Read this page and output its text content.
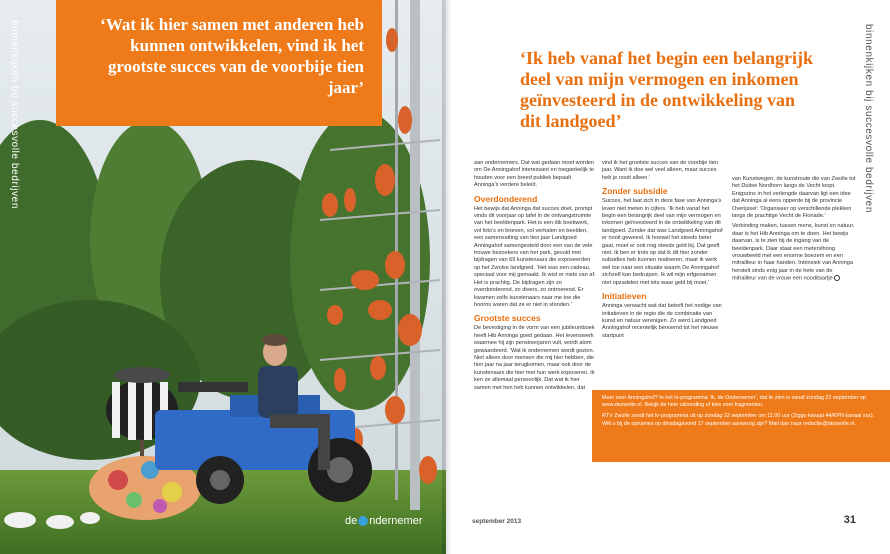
binnenkijken bij succesvolle bedrijven	‘Wat ik hier samen met anderen heb kunnen ontwikkelen, vind ik het grootste succes van de voorbije tien jaar’

de ndernemer
binnenkijken bij succesvolle bedrijven

‘Ik heb vanaf het begin een belangrijk deel van mijn vermogen en inkomen geïnvesteerd in de ontwikkeling van dit landgoed’

aan ondernemers. Dat wat gedaan moet worden om De Anningahof interessant en toegankelijk te houden voor een breed publiek bepaalt Anninga’s verdere beleid.

Overdonderend

Het bewijs dat Anninga dat succes doet, prompt vinds dit voorjaar op tafel in de ontvangstruimte van het beeldenpark. Het is een dik boekwerk, vol foto’s en brieven, vol verhalen en beelden, een samenvatting van tien jaar Landgoed Anningahof samengesteld door een van de vele trouwe bezoekers van het park, gevuld met bijdragen van 69 kunstenaars die exposeerden op het Zwolse landgoed. ‘Het was een cadeau, speciaal voor mij gemaakt. Ik wist er niets van af. Het is prachtig. De bijdragen zijn zo overdonderend, zo divers, zo ontroerend. Er kwamen zelfs kunstenaars naar me toe die hoorns waren dat ze er niet in stonden.’

Grootste succes

De bevestiging in de vorm van een jubileumboek heeft Hib Anninga goed gedaan. Het levenswerk waarmee hij zijn pensioenjaren vult, wordt alom gewaardeerd. ‘Wat ik ondernemen wordt gezien. Niet alleen door mensen die mij hier hebben, die hier jaar na jaar terugkomen, maar ook door de kunstenaars die hier met hun werk exposeren. Ik ken ze allemaal persoonlijk. Dat wat ik hier samen met hen heb kunnen ontwikkelen, dat

vind ik het grootste succes van de voorbije tien jaar. Want ik doe wel veel alleen, maar succes heb je nooit alleen.’

Zonder subsidie

Succes, het laat zich in deze fase van Anninga’s leven niet meten in cijfers. ‘Ik heb vanaf het begin een belangrijk deel van mijn vermogen en inkomen geïnvesteerd in de ontwikkeling van dit landgoed. Zonder dat was Landgoed Anningahof er nooit geweest. Ik hoewel het steeds beter gaat, moet er ook nog steeds geld bij. Dat geeft niet. Ik ben er trots op dat ik dit hier zonder subsidies heb kunnen realiseren, maar ik werk wel toe naar een situatie waarin De Anningahof zichzelf kan bedruipen. Ik wil mijn erfgenamen niet opzadelen met iets waar geld bij moet.’

Initiatieven

Anninga verwacht wat dat betreft het nodige van initiatieven in de regio die de combinatie van kunst en natuur verenigen. Zo werd Landgoed Anningahof recentelijk benoemd tot het nieuwe startpunt

van Kunstwegen, de kunstroute die van Zwolle tot het Duitse Nordhorn langs de Vecht loopt. Enigszins in het verlengde daarvan ligt een idee dat Anninga al eens opperde bij de provincie Overijssel: ‘Organiseer op verschillende plekken langs de prachtige Vecht de Floriade.’

Verbinding maken, tussen mens, kunst en natuur, daar is het Hib Anninga om te doen. Het bewijs daarvan, is te zien bij de ingang van de beeldenpark. Daar staat een meterslhoog vrouwbeeld met een enorme boezem en een mitrailleur in haar handen. Intrinsiek van Anninga herstelt sinds enig jaar in de hete van de mitrailleur van de vrouw een nooditaartje

Meer over Anningahof? In het tv-programma ‘Ik, de Ondernemer’, dat te zien is vanaf zondag 22 september op www.dezwolle.nl. Bekijk de hele uitzending of kies voor fragmenten.

RTV Zwolle zendt het tv-programma uit op zondag 22 september om 11.00 uur (Ziggo kanaal 44/KPN kanaal xxx). Wilt u bij de opnames op dinsdagavond 17 september aanwezig zijn? Mail dan naar redactie@dezwolle.nl.

september 2013	31
